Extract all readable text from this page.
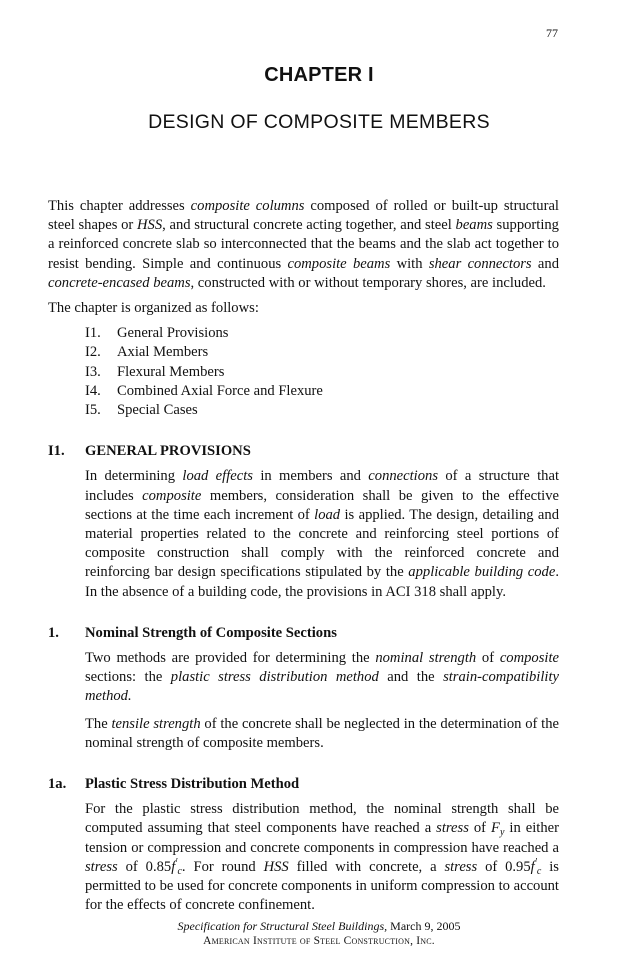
77
CHAPTER I
DESIGN OF COMPOSITE MEMBERS

This chapter addresses composite columns composed of rolled or built-up structural steel shapes or HSS, and structural concrete acting together, and steel beams supporting a reinforced concrete slab so interconnected that the beams and the slab act together to resist bending. Simple and continuous composite beams with shear connectors and concrete-encased beams, constructed with or without temporary shores, are included.

The chapter is organized as follows:

I1.	General Provisions
I2.	Axial Members
I3.	Flexural Members
I4.	Combined Axial Force and Flexure
I5.	Special Cases
I1.	GENERAL PROVISIONS

In determining load effects in members and connections of a structure that includes composite members, consideration shall be given to the effective sections at the time each increment of load is applied. The design, detailing and material properties related to the concrete and reinforcing steel portions of composite construction shall comply with the reinforced concrete and reinforcing bar design specifications stipulated by the applicable building code. In the absence of a building code, the provisions in ACI 318 shall apply.

1.	Nominal Strength of Composite Sections

Two methods are provided for determining the nominal strength of composite sections: the plastic stress distribution method and the strain-compatibility method.

The tensile strength of the concrete shall be neglected in the determination of the nominal strength of composite members.

1a.	Plastic Stress Distribution Method

For the plastic stress distribution method, the nominal strength shall be computed assuming that steel components have reached a stress of $F_y$ in either tension or compression and concrete components in compression have reached a stress of $0.85f'_c$. For round HSS filled with concrete, a stress of $0.95f'_c$ is permitted to be used for concrete components in uniform compression to account for the effects of concrete confinement.

Specification for Structural Steel Buildings, March 9, 2005
American Institute of Steel Construction, Inc.
